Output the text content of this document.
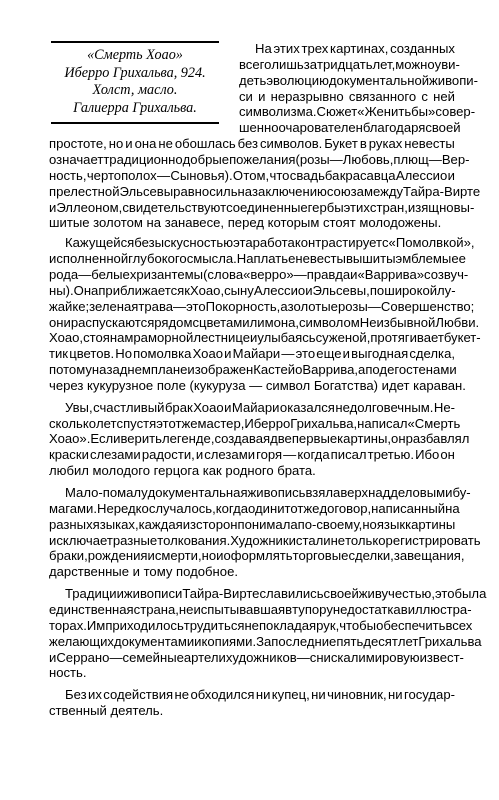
«Смерть Хоао»
Иберро Грихальва, 924.
Холст, масло.
Галиерра Грихальва.
На этих трех картинах, созданных
всего лишь за тридцать лет, можно уви-
деть эволюцию документальной живопи-
си и неразрывно связанного с ней
символизма. Сюжет «Женитьбы» совер-
шенно очарователен благодаря своей
простоте, но и она не обошлась без символов. Букет в руках невесты
означает традиционно добрые пожелания (розы — Любовь, плющ — Вер-
ность, чертополох — Сыновья). О том, что свадьба красавца Алессио и
прелестной Эльсевы равносильна заключению союза между Тайра-Вирте
и Эллеоном, свидетельствуют соединенные гербы этих стран, изящно вы-
шитые золотом на занавесе, перед которым стоят молодожены.
Кажущейся безыскусностью эта работа контрастирует с «Помолвкой»,
исполненной глубокого смысла. На платье невесты вышиты эмблемы ее
рода — белые хризантемы (слова «верро» — правда и «Варрива» созвуч-
ны). Она приближается к Хоао, сыну Алессио и Эльсевы, по широкой лу-
жайке; зеленая трава — это Покорность, а золотые розы — Совершенство;
они распускаются рядом с цветами лимона, символом Неизбывной Любви.
Хоао, стоя на мраморной лестнице и улыбаясь суженой, протягивает букет-
тик цветов. Но помолвка Хоао и Майари — это еще и выгодная сделка,
потому на заднем плане изображен Кастейо Варрива, а под его стенами
через кукурузное поле (кукуруза — символ Богатства) идет караван.
Увы, счастливый брак Хоао и Майари оказался недолговечным. Не-
сколько лет спустя этот же мастер, Иберро Грихальва, написал «Смерть
Хоао». Если верить легенде, создавая две первые картины, он разбавлял
краски слезами радости, и слезами горя — когда писал третью. Ибо он
любил молодого герцога как родного брата.
Мало-помалу документальная живопись взяла верх над деловыми бу-
магами. Нередко случалось, когда один и тот же договор, написанный на
разных языках, каждая из сторон понимала по-своему, но язык картины
исключает разные толкования. Художники стали не только регистрировать
браки, рождения и смерти, но и оформлять торговые сделки, завещания,
дарственные и тому подобное.
Традиции живописи Тайра-Вирте славились своей живучестью, это была
единственная страна, не испытывавшая в ту пору недостатка в иллюстра-
торах. Им приходилось трудиться не покладая рук, чтобы обеспечить всех
желающих документами и копиями. За последние пятьдесят лет Грихальва
и Серрано — семейные артели художников — снискали мировую извест-
ность.
Без их содействия не обходился ни купец, ни чиновник, ни государ-
ственный деятель.
